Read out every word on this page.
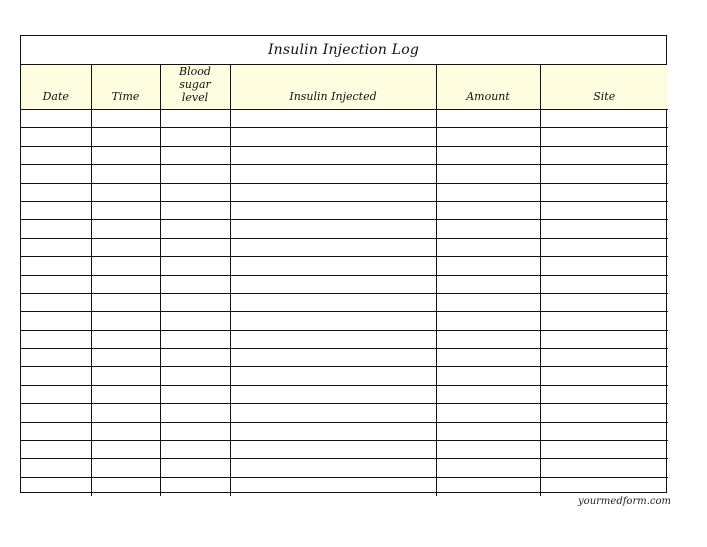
Insulin Injection Log
Date	Time	Blood sugar level	Insulin Injected	Amount	Site

yourmedform.com
